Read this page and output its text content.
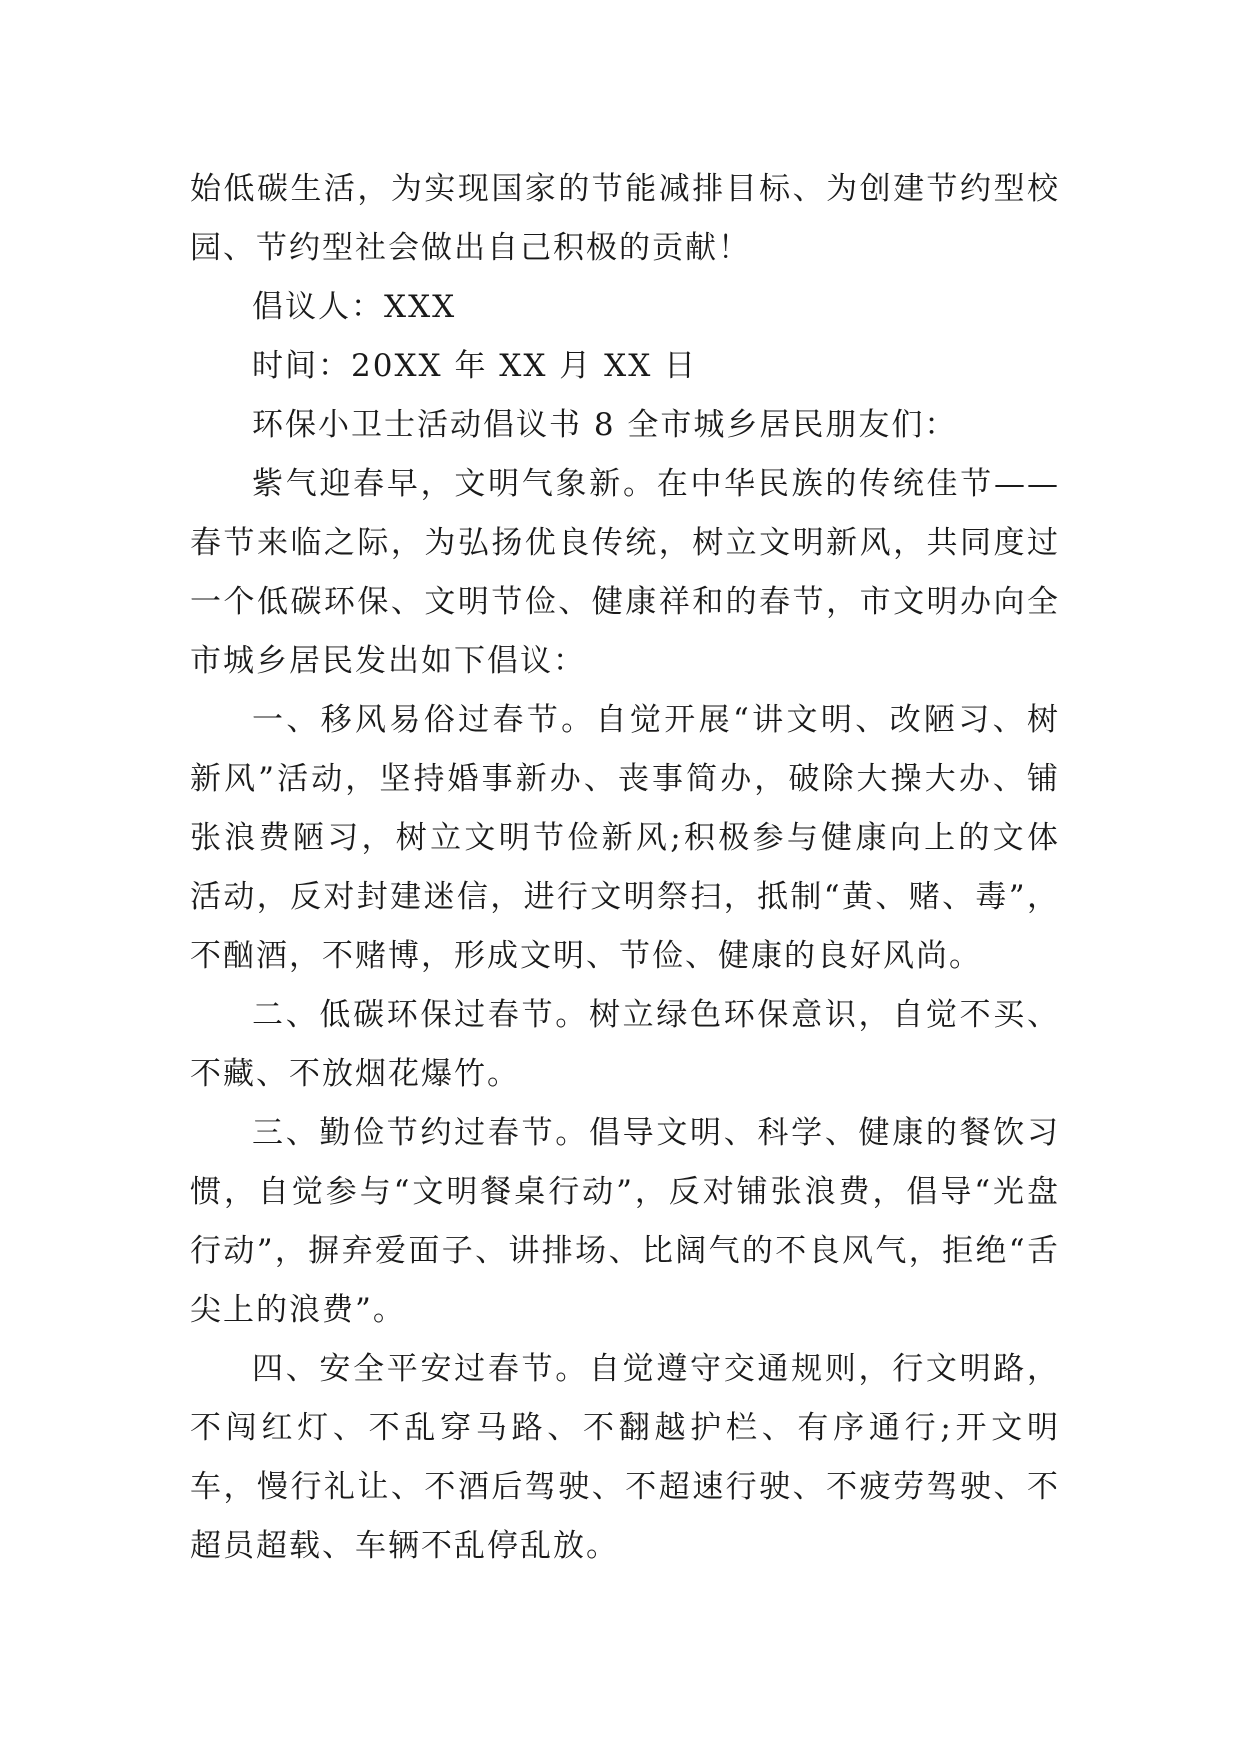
始低碳生活，为实现国家的节能减排目标、为创建节约型校园、节约型社会做出自己积极的贡献！

倡议人：XXX

时间：20XX 年 XX 月 XX 日

环保小卫士活动倡议书 8 全市城乡居民朋友们：

紫气迎春早，文明气象新。在中华民族的传统佳节——春节来临之际，为弘扬优良传统，树立文明新风，共同度过一个低碳环保、文明节俭、健康祥和的春节，市文明办向全市城乡居民发出如下倡议：

一、移风易俗过春节。自觉开展“讲文明、改陋习、树新风”活动，坚持婚事新办、丧事简办，破除大操大办、铺张浪费陋习，树立文明节俭新风;积极参与健康向上的文体活动，反对封建迷信，进行文明祭扫，抵制“黄、赌、毒”，不酗酒，不赌博，形成文明、节俭、健康的良好风尚。

二、低碳环保过春节。树立绿色环保意识，自觉不买、不藏、不放烟花爆竹。

三、勤俭节约过春节。倡导文明、科学、健康的餐饮习惯，自觉参与“文明餐桌行动”，反对铺张浪费，倡导“光盘行动”，摒弃爱面子、讲排场、比阔气的不良风气，拒绝“舌尖上的浪费”。

四、安全平安过春节。自觉遵守交通规则，行文明路，不闯红灯、不乱穿马路、不翻越护栏、有序通行;开文明车，慢行礼让、不酒后驾驶、不超速行驶、不疲劳驾驶、不超员超载、车辆不乱停乱放。
